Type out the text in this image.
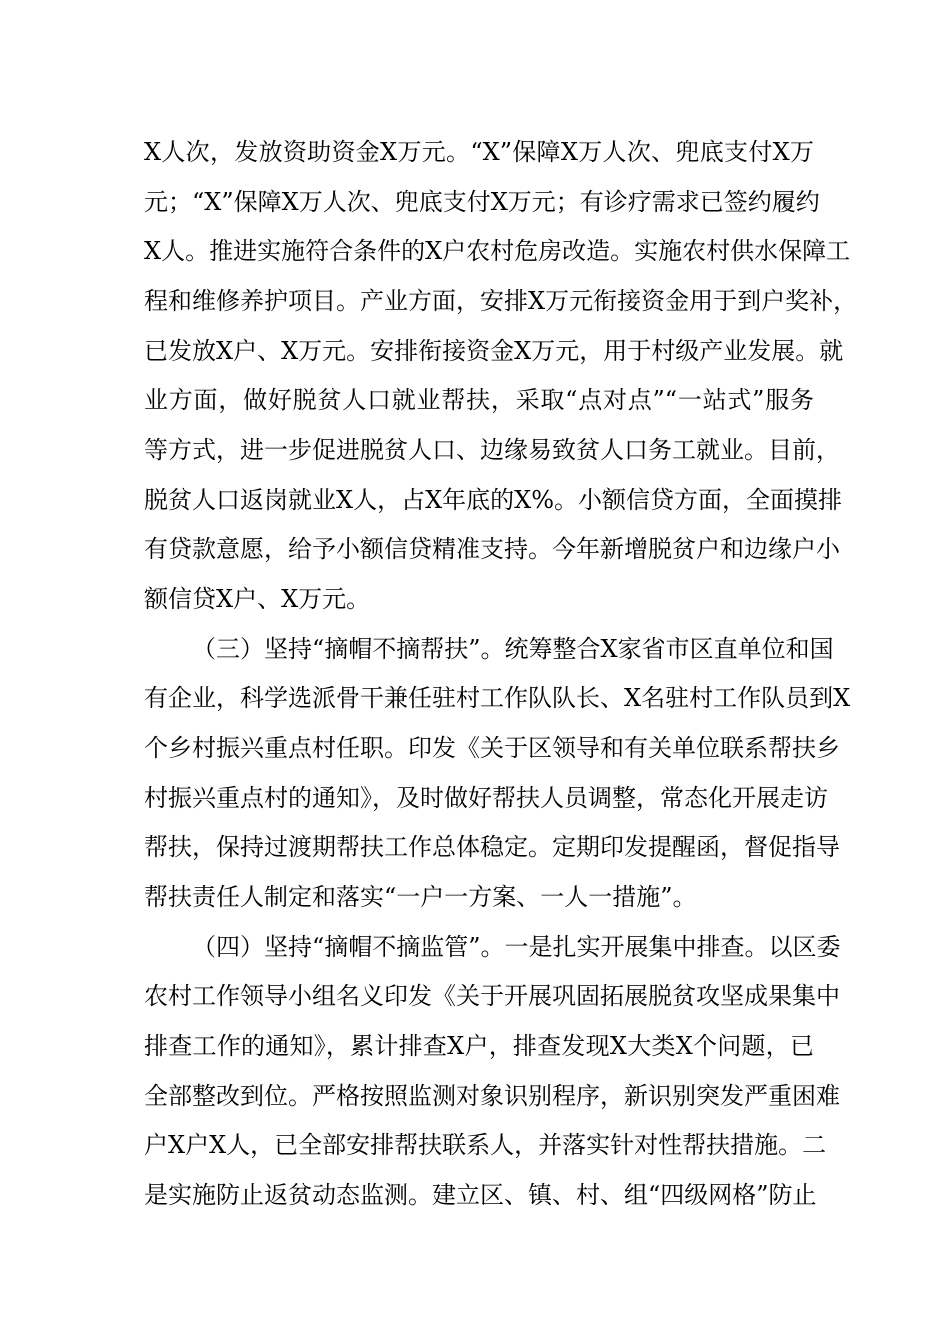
X人次，发放资助资金X万元。“X”保障X万人次、兜底支付X万
元；“X”保障X万人次、兜底支付X万元；有诊疗需求已签约履约
X人。推进实施符合条件的X户农村危房改造。实施农村供水保障工
程和维修养护项目。产业方面，安排X万元衔接资金用于到户奖补，
已发放X户、X万元。安排衔接资金X万元，用于村级产业发展。就
业方面，做好脱贫人口就业帮扶，采取“点对点”“一站式”服务
等方式，进一步促进脱贫人口、边缘易致贫人口务工就业。目前，
脱贫人口返岗就业X人，占X年底的X%。小额信贷方面，全面摸排
有贷款意愿，给予小额信贷精准支持。今年新增脱贫户和边缘户小
额信贷X户、X万元。
（三）坚持“摘帽不摘帮扶”。统筹整合X家省市区直单位和国
有企业，科学选派骨干兼任驻村工作队队长、X名驻村工作队员到X
个乡村振兴重点村任职。印发《关于区领导和有关单位联系帮扶乡
村振兴重点村的通知》，及时做好帮扶人员调整，常态化开展走访
帮扶，保持过渡期帮扶工作总体稳定。定期印发提醒函，督促指导
帮扶责任人制定和落实“一户一方案、一人一措施”。
（四）坚持“摘帽不摘监管”。一是扎实开展集中排查。以区委
农村工作领导小组名义印发《关于开展巩固拓展脱贫攻坚成果集中
排查工作的通知》，累计排查X户，排查发现X大类X个问题，已
全部整改到位。严格按照监测对象识别程序，新识别突发严重困难
户X户X人，已全部安排帮扶联系人，并落实针对性帮扶措施。二
是实施防止返贫动态监测。建立区、镇、村、组“四级网格”防止
